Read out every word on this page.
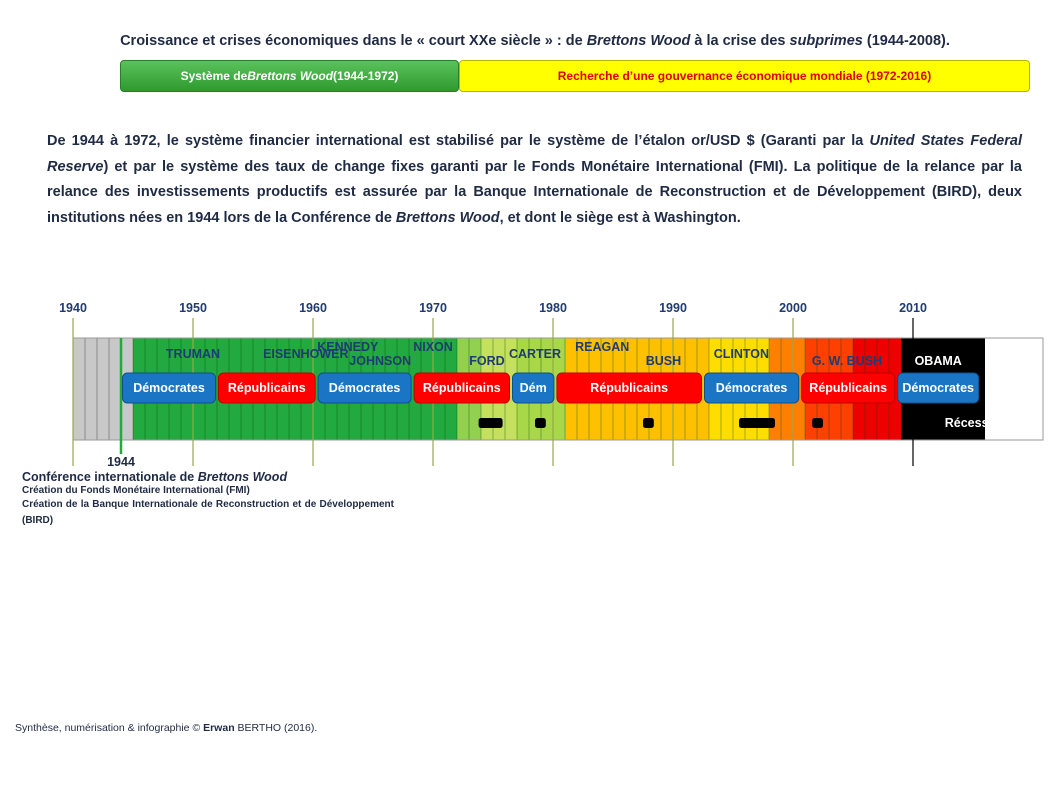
Croissance et crises économiques dans le « court XXe siècle » : de Brettons Wood à la crise des subprimes (1944-2008).
Système de Brettons Wood (1944-1972)	Recherche d’une gouvernance économique mondiale (1972-2016)
De 1944 à 1972, le système financier international est stabilisé par le système de l’étalon or/USD $ (Garanti par la United States Federal Reserve) et par le système des taux de change fixes garanti par le Fonds Monétaire International (FMI). La politique de la relance par la relance des investissements productifs est assurée par la Banque Internationale de Reconstruction et de Développement (BIRD), deux institutions nées en 1944 lors de la Conférence de Brettons Wood, et dont le siège est à Washington.
1940	1950	1960	1970	1980	1990	2000	2010
1944
TRUMAN	EISENHOWER
KENNEDY
JOHNSON
NIXON
FORD CARTER REAGAN
BUSH	CLINTON	G. W. BUSH	OBAMA
Démocrates Républicains Démocrates Républicains Dém	Républicains	Démocrates Républicains Démocrates
Récession
Conférence internationale de Brettons Wood
Création du Fonds Monétaire International (FMI)
Création de la Banque Internationale de Reconstruction et de Développement (BIRD)
Synthèse, numérisation & infographie © Erwan BERTHO (2016).
